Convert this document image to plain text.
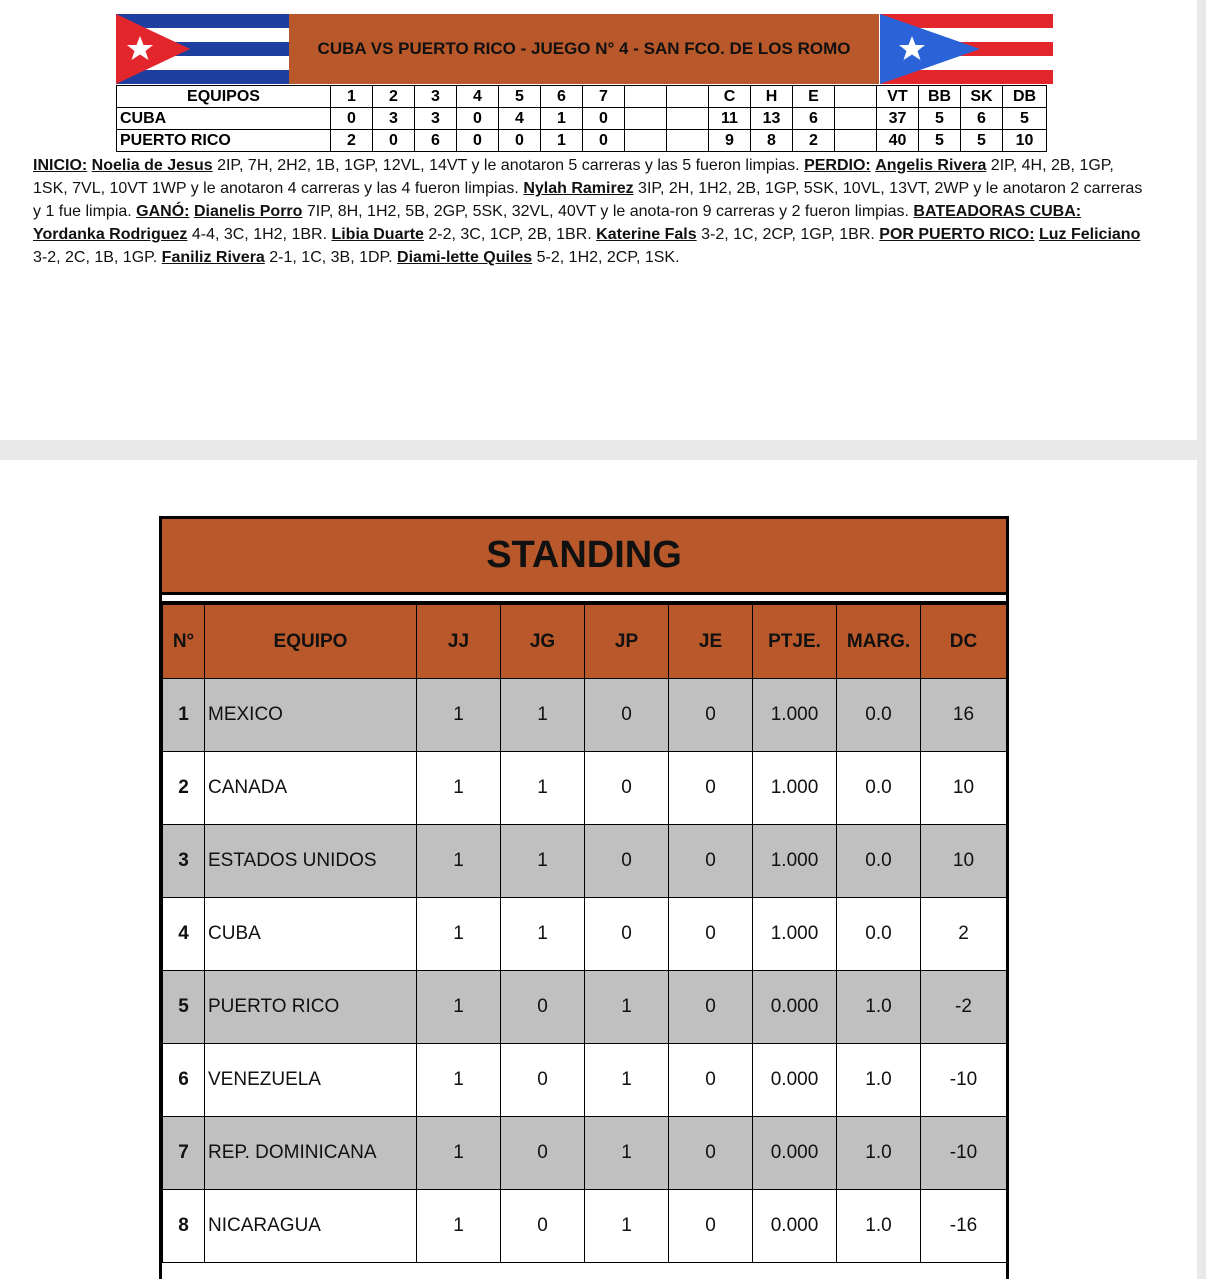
CUBA VS PUERTO RICO - JUEGO N° 4 - SAN FCO. DE LOS ROMO
EQUIPOS	1	2	3	4	5	6	7			C	H	E		VT	BB	SK	DB
CUBA	0	3	3	0	4	1	0			11	13	6		37	5	6	5
PUERTO RICO	2	0	6	0	0	1	0			9	8	2		40	5	5	10
INICIO: Noelia de Jesus 2IP, 7H, 2H2, 1B, 1GP, 12VL, 14VT y le anotaron 5 carreras y las 5 fueron limpias. PERDIO: Angelis Rivera 2IP, 4H, 2B, 1GP, 1SK, 7VL, 10VT 1WP y le anotaron 4 carreras y las 4 fueron limpias. Nylah Ramirez 3IP, 2H, 1H2, 2B, 1GP, 5SK, 10VL, 13VT, 2WP y le anotaron 2 carreras y 1 fue limpia. GANÓ: Dianelis Porro 7IP, 8H, 1H2, 5B, 2GP, 5SK, 32VL, 40VT y le anota-ron 9 carreras y 2 fueron limpias. BATEADORAS CUBA: Yordanka Rodriguez 4-4, 3C, 1H2, 1BR. Libia Duarte 2-2, 3C, 1CP, 2B, 1BR. Katerine Fals 3-2, 1C, 2CP, 1GP, 1BR. POR PUERTO RICO: Luz Feliciano 3-2, 2C, 1B, 1GP. Faniliz Rivera 2-1, 1C, 3B, 1DP. Diami-lette Quiles 5-2, 1H2, 2CP, 1SK.
STANDING
N°	EQUIPO	JJ	JG	JP	JE	PTJE.	MARG.	DC
1	MEXICO	1	1	0	0	1.000	0.0	16
2	CANADA	1	1	0	0	1.000	0.0	10
3	ESTADOS UNIDOS	1	1	0	0	1.000	0.0	10
4	CUBA	1	1	0	0	1.000	0.0	2
5	PUERTO RICO	1	0	1	0	0.000	1.0	-2
6	VENEZUELA	1	0	1	0	0.000	1.0	-10
7	REP. DOMINICANA	1	0	1	0	0.000	1.0	-10
8	NICARAGUA	1	0	1	0	0.000	1.0	-16
